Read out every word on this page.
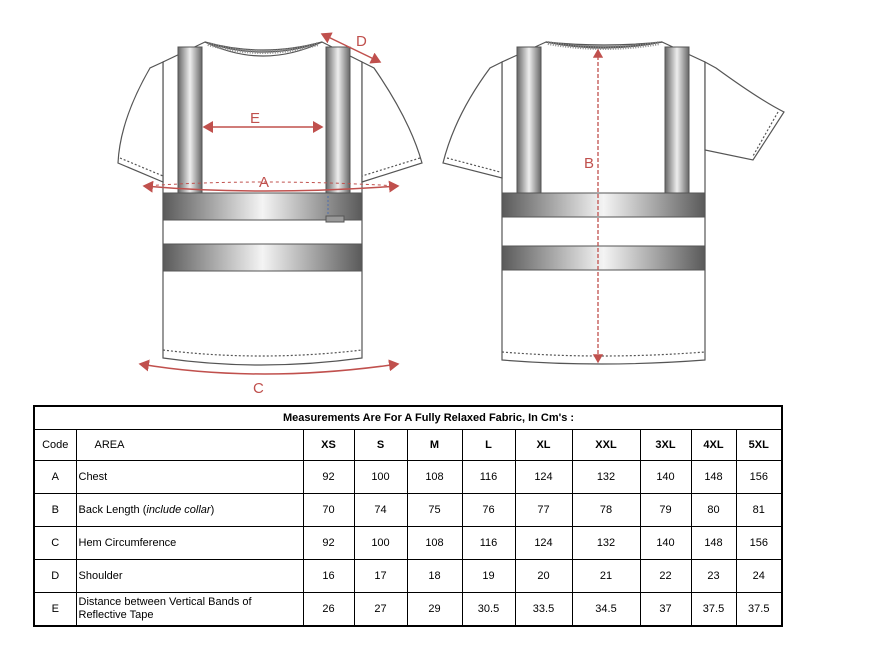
A
E
D
C
B
	Measurements Are For A Fully Relaxed Fabric, In Cm's :									
Code	AREA	XS	S	M	L	XL	XXL	3XL	4XL	5XL
A	Chest	92	100	108	116	124	132	140	148	156
B	Back Length (include collar)	70	74	75	76	77	78	79	80	81
C	Hem Circumference	92	100	108	116	124	132	140	148	156
D	Shoulder	16	17	18	19	20	21	22	23	24
E	Distance between Vertical Bands of Reflective Tape	26	27	29	30.5	33.5	34.5	37	37.5	37.5
